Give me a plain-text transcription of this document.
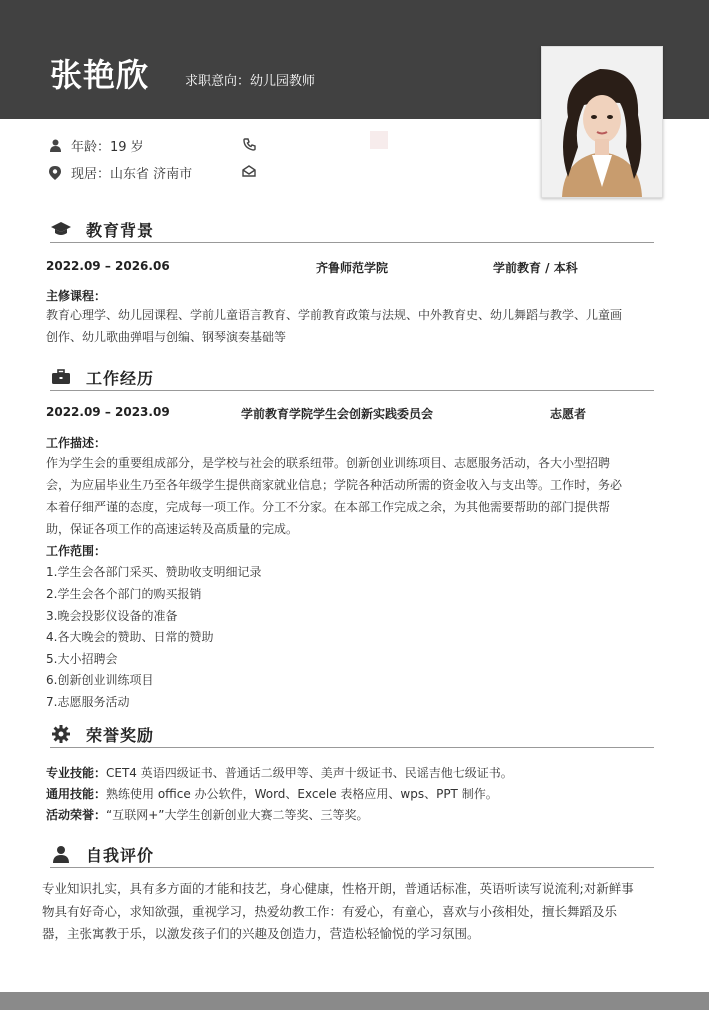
张艳欣	求职意向：幼儿园教师
年龄：19 岁
现居：山东省 济南市
教育背景
2022.09 – 2026.06	齐鲁师范学院	学前教育 / 本科
主修课程：
教育心理学、幼儿园课程、学前儿童语言教育、学前教育政策与法规、中外教育史、幼儿舞蹈与教学、儿童画
创作、幼儿歌曲弹唱与创编、钢琴演奏基础等
工作经历
2022.09 – 2023.09	学前教育学院学生会创新实践委员会	志愿者
工作描述：
作为学生会的重要组成部分，是学校与社会的联系纽带。创新创业训练项目、志愿服务活动，各大小型招聘
会，为应届毕业生乃至各年级学生提供商家就业信息；学院各种活动所需的资金收入与支出等。工作时，务必
本着仔细严谨的态度，完成每一项工作。分工不分家。在本部工作完成之余，为其他需要帮助的部门提供帮
助，保证各项工作的高速运转及高质量的完成。
工作范围：
1.学生会各部门采买、赞助收支明细记录
2.学生会各个部门的购买报销
3.晚会投影仪设备的准备
4.各大晚会的赞助、日常的赞助
5.大小招聘会
6.创新创业训练项目
7.志愿服务活动
荣誉奖励
专业技能：CET4 英语四级证书、普通话二级甲等、美声十级证书、民谣吉他七级证书。
通用技能：熟练使用 office 办公软件，Word、Excele 表格应用、wps、PPT 制作。
活动荣誉：“互联网+”大学生创新创业大赛二等奖、三等奖。
自我评价
专业知识扎实，具有多方面的才能和技艺，身心健康，性格开朗，普通话标准，英语听读写说流利;对新鲜事
物具有好奇心，求知欲强，重视学习，热爱幼教工作：有爱心，有童心，喜欢与小孩相处，擅长舞蹈及乐
器，主张寓教于乐，以激发孩子们的兴趣及创造力，营造松轻愉悦的学习氛围。
